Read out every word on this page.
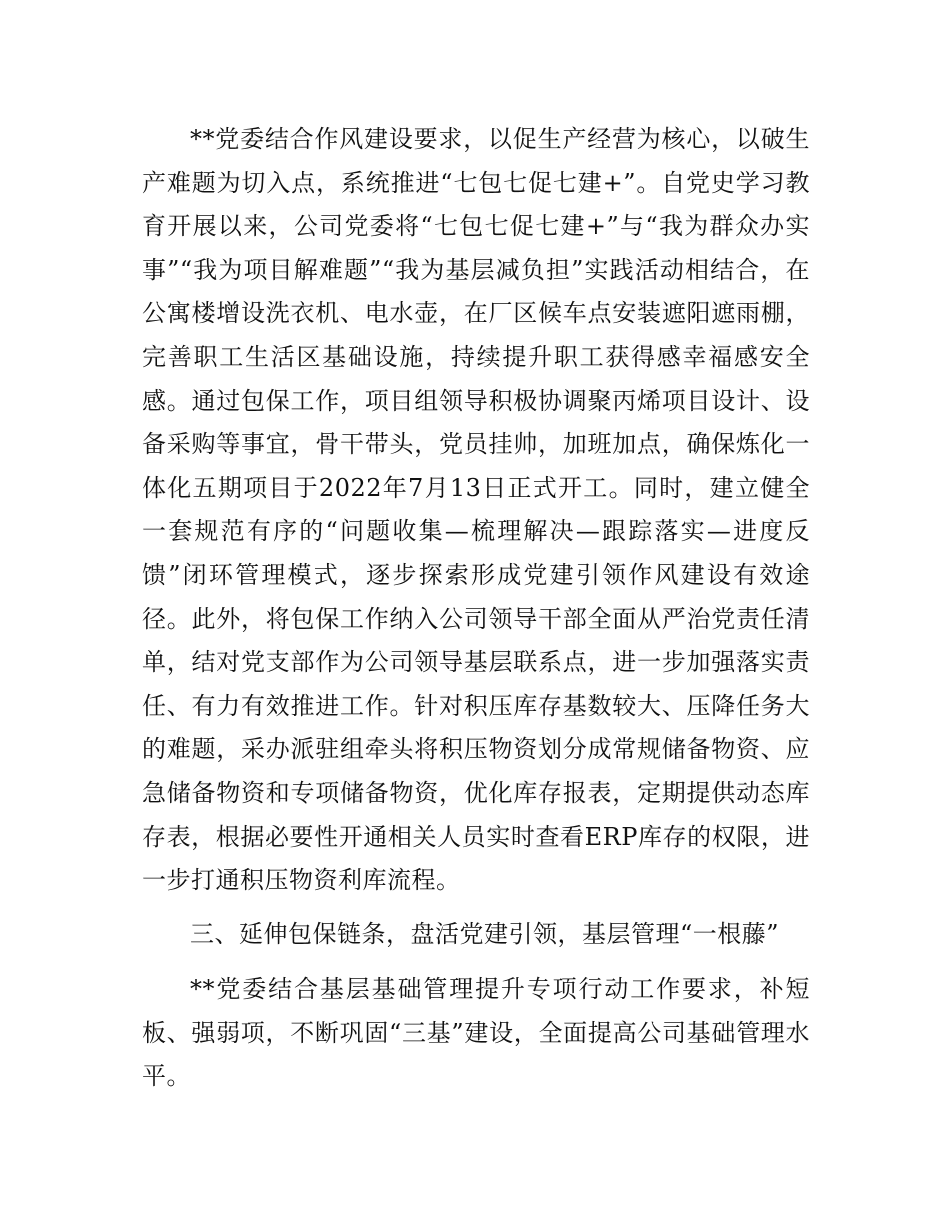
**党委结合作风建设要求，以促生产经营为核心，以破生产难题为切入点，系统推进“七包七促七建+”。自党史学习教育开展以来，公司党委将“七包七促七建+”与“我为群众办实事”“我为项目解难题”“我为基层减负担”实践活动相结合，在公寓楼增设洗衣机、电水壶，在厂区候车点安装遮阳遮雨棚，完善职工生活区基础设施，持续提升职工获得感幸福感安全感。通过包保工作，项目组领导积极协调聚丙烯项目设计、设备采购等事宜，骨干带头，党员挂帅，加班加点，确保炼化一体化五期项目于2022年7月13日正式开工。同时，建立健全一套规范有序的“问题收集—梳理解决—跟踪落实—进度反馈”闭环管理模式，逐步探索形成党建引领作风建设有效途径。此外，将包保工作纳入公司领导干部全面从严治党责任清单，结对党支部作为公司领导基层联系点，进一步加强落实责任、有力有效推进工作。针对积压库存基数较大、压降任务大的难题，采办派驻组牵头将积压物资划分成常规储备物资、应急储备物资和专项储备物资，优化库存报表，定期提供动态库存表，根据必要性开通相关人员实时查看ERP库存的权限，进一步打通积压物资利库流程。

三、延伸包保链条，盘活党建引领，基层管理“一根藤”

**党委结合基层基础管理提升专项行动工作要求，补短板、强弱项，不断巩固“三基”建设，全面提高公司基础管理水平。
